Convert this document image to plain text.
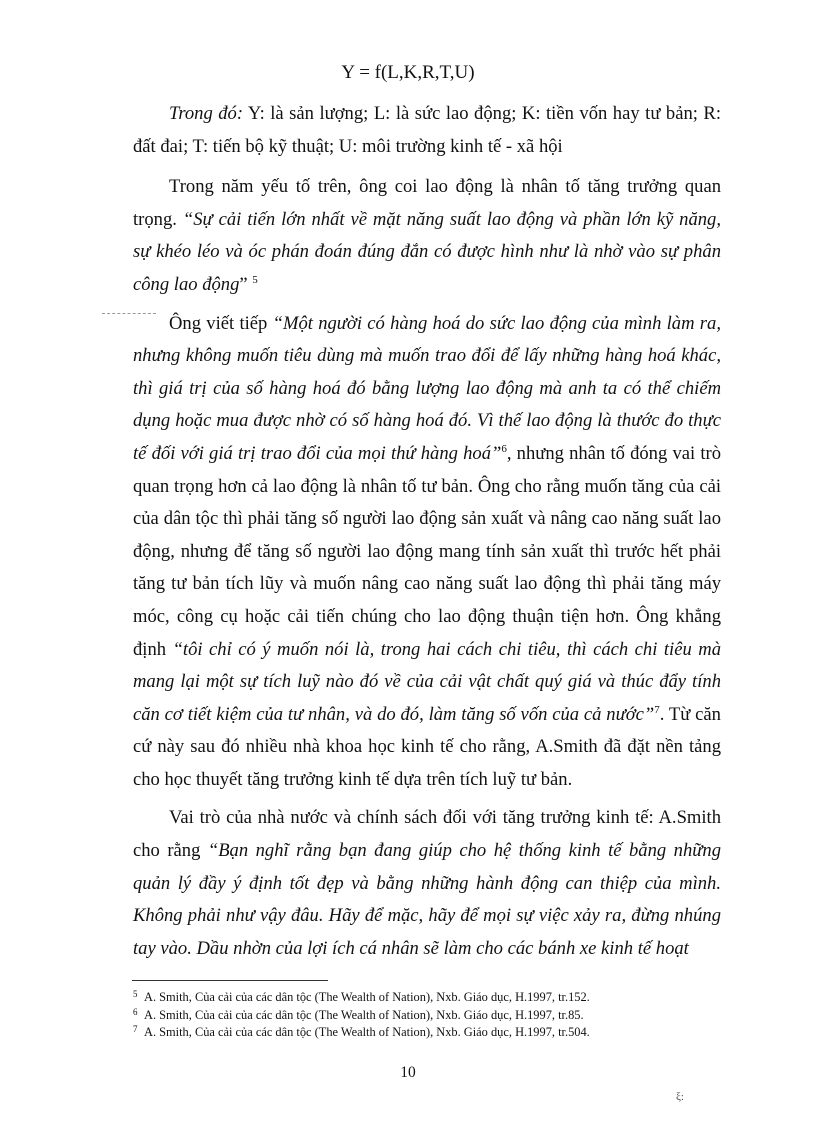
Y = f(L,K,R,T,U)

Trong đó: Y: là sản lượng; L: là sức lao động; K: tiền vốn hay tư bản; R: đất đai; T: tiến bộ kỹ thuật; U: môi trường kinh tế - xã hội

Trong năm yếu tố trên, ông coi lao động là nhân tố tăng trưởng quan trọng. “Sự cải tiến lớn nhất về mặt năng suất lao động và phần lớn kỹ năng, sự khéo léo và óc phán đoán đúng đắn có được hình như là nhờ vào sự phân công lao động” $^5$

Ông viết tiếp “Một người có hàng hoá do sức lao động của mình làm ra, nhưng không muốn tiêu dùng mà muốn trao đổi để lấy những hàng hoá khác, thì giá trị của số hàng hoá đó bằng lượng lao động mà anh ta có thể chiếm dụng hoặc mua được nhờ có số hàng hoá đó. Vì thế lao động là thước đo thực tế đối với giá trị trao đổi của mọi thứ hàng hoá”$^6$, nhưng nhân tố đóng vai trò quan trọng hơn cả lao động là nhân tố tư bản. Ông cho rằng muốn tăng của cải của dân tộc thì phải tăng số người lao động sản xuất và nâng cao năng suất lao động, nhưng để tăng số người lao động mang tính sản xuất thì trước hết phải tăng tư bản tích lũy và muốn nâng cao năng suất lao động thì phải tăng máy móc, công cụ hoặc cải tiến chúng cho lao động thuận tiện hơn. Ông khẳng định “tôi chỉ có ý muốn nói là, trong hai cách chi tiêu, thì cách chi tiêu mà mang lại một sự tích luỹ nào đó về của cải vật chất quý giá và thúc đẩy tính căn cơ tiết kiệm của tư nhân, và do đó, làm tăng số vốn của cả nước”$^7$. Từ căn cứ này sau đó nhiều nhà khoa học kinh tế cho rằng, A.Smith đã đặt nền tảng cho học thuyết tăng trưởng kinh tế dựa trên tích luỹ tư bản.

Vai trò của nhà nước và chính sách đối với tăng trưởng kinh tế: A.Smith cho rằng “Bạn nghĩ rằng bạn đang giúp cho hệ thống kinh tế bằng những quản lý đầy ý định tốt đẹp và bằng những hành động can thiệp của mình. Không phải như vậy đâu. Hãy để mặc, hãy để mọi sự việc xảy ra, đừng nhúng tay vào. Dầu nhờn của lợi ích cá nhân sẽ làm cho các bánh xe kinh tế hoạt

5 A. Smith, Của cải của các dân tộc (The Wealth of Nation), Nxb. Giáo dục, H.1997, tr.152.
6 A. Smith, Của cải của các dân tộc (The Wealth of Nation), Nxb. Giáo dục, H.1997, tr.85.
7 A. Smith, Của cải của các dân tộc (The Wealth of Nation), Nxb. Giáo dục, H.1997, tr.504.
10
ξ:
